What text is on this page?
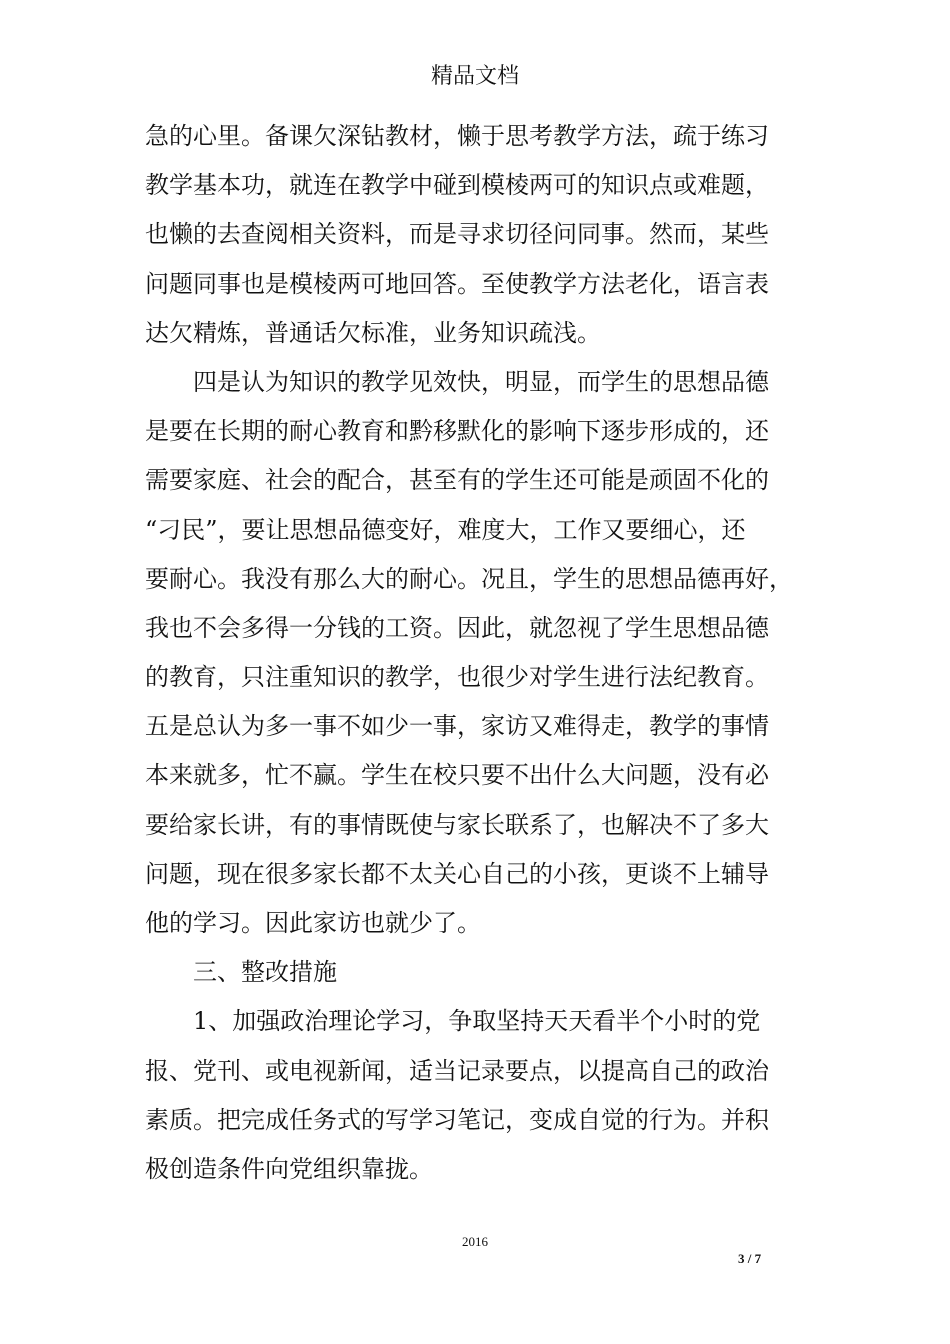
精品文档
急的心里。备课欠深钻教材，懒于思考教学方法，疏于练习
教学基本功，就连在教学中碰到模棱两可的知识点或难题，
也懒的去查阅相关资料，而是寻求切径问同事。然而，某些
问题同事也是模棱两可地回答。至使教学方法老化，语言表
达欠精炼，普通话欠标准，业务知识疏浅。
四是认为知识的教学见效快，明显，而学生的思想品德
是要在长期的耐心教育和黔移默化的影响下逐步形成的，还
需要家庭、社会的配合，甚至有的学生还可能是顽固不化的
“刁民”，要让思想品德变好，难度大，工作又要细心，还
要耐心。我没有那么大的耐心。况且，学生的思想品德再好，
我也不会多得一分钱的工资。因此，就忽视了学生思想品德
的教育，只注重知识的教学，也很少对学生进行法纪教育。
五是总认为多一事不如少一事，家访又难得走，教学的事情
本来就多，忙不赢。学生在校只要不出什么大问题，没有必
要给家长讲，有的事情既使与家长联系了，也解决不了多大
问题，现在很多家长都不太关心自己的小孩，更谈不上辅导
他的学习。因此家访也就少了。
三、整改措施
1、加强政治理论学习，争取坚持天天看半个小时的党
报、党刊、或电视新闻，适当记录要点，以提高自己的政治
素质。把完成任务式的写学习笔记，变成自觉的行为。并积
极创造条件向党组织靠拢。
2016
3 / 7
